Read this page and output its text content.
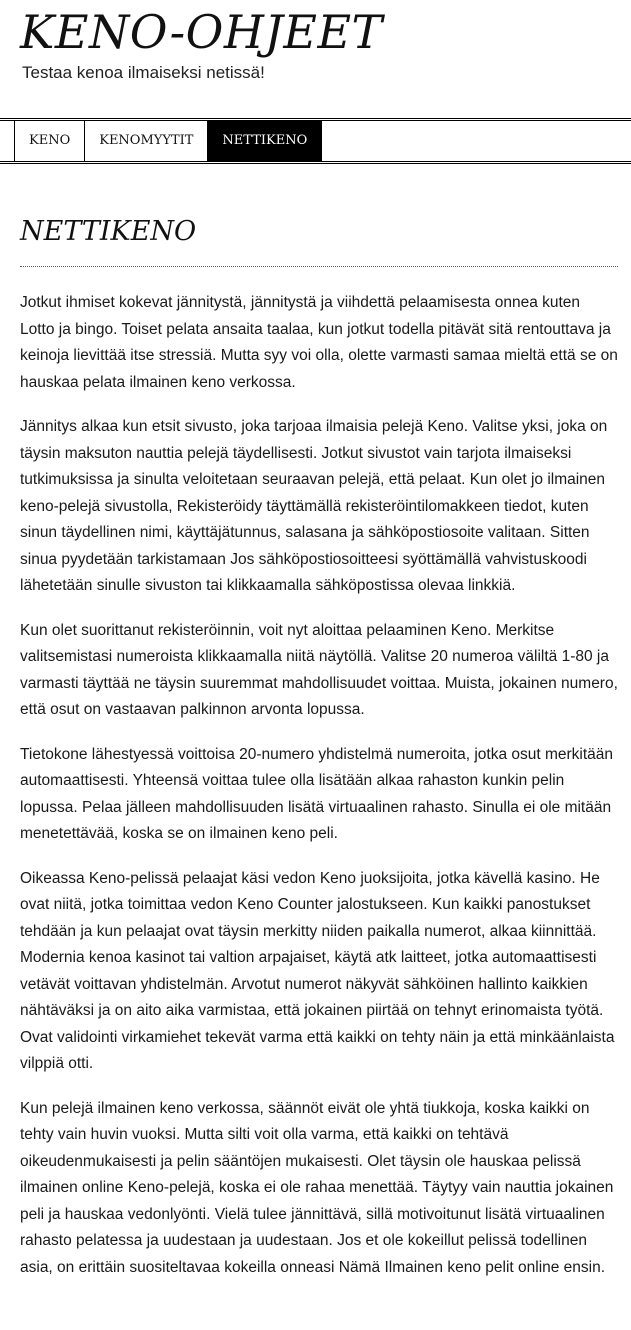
KENO-OHJEET

Testaa kenoa ilmaiseksi netissä!

KENO	KENOMYYTIT	NETTIKENO
NETTIKENO

Jotkut ihmiset kokevat jännitystä, jännitystä ja viihdettä pelaamisesta onnea kuten Lotto ja bingo. Toiset pelata ansaita taalaa, kun jotkut todella pitävät sitä rentouttava ja keinoja lievittää itse stressiä. Mutta syy voi olla, olette varmasti samaa mieltä että se on hauskaa pelata ilmainen keno verkossa.

Jännitys alkaa kun etsit sivusto, joka tarjoaa ilmaisia pelejä Keno. Valitse yksi, joka on täysin maksuton nauttia pelejä täydellisesti. Jotkut sivustot vain tarjota ilmaiseksi tutkimuksissa ja sinulta veloitetaan seuraavan pelejä, että pelaat. Kun olet jo ilmainen keno-pelejä sivustolla, Rekisteröidy täyttämällä rekisteröintilomakkeen tiedot, kuten sinun täydellinen nimi, käyttäjätunnus, salasana ja sähköpostiosoite valitaan. Sitten sinua pyydetään tarkistamaan Jos sähköpostiosoitteesi syöttämällä vahvistuskoodi lähetetään sinulle sivuston tai klikkaamalla sähköpostissa olevaa linkkiä.

Kun olet suorittanut rekisteröinnin, voit nyt aloittaa pelaaminen Keno. Merkitse valitsemistasi numeroista klikkaamalla niitä näytöllä. Valitse 20 numeroa väliltä 1-80 ja varmasti täyttää ne täysin suuremmat mahdollisuudet voittaa. Muista, jokainen numero, että osut on vastaavan palkinnon arvonta lopussa.

Tietokone lähestyessä voittoisa 20-numero yhdistelmä numeroita, jotka osut merkitään automaattisesti. Yhteensä voittaa tulee olla lisätään alkaa rahaston kunkin pelin lopussa. Pelaa jälleen mahdollisuuden lisätä virtuaalinen rahasto. Sinulla ei ole mitään menetettävää, koska se on ilmainen keno peli.

Oikeassa Keno-pelissä pelaajat käsi vedon Keno juoksijoita, jotka kävellä kasino. He ovat niitä, jotka toimittaa vedon Keno Counter jalostukseen. Kun kaikki panostukset tehdään ja kun pelaajat ovat täysin merkitty niiden paikalla numerot, alkaa kiinnittää. Modernia kenoa kasinot tai valtion arpajaiset, käytä atk laitteet, jotka automaattisesti vetävät voittavan yhdistelmän. Arvotut numerot näkyvät sähköinen hallinto kaikkien nähtäväksi ja on aito aika varmistaa, että jokainen piirtää on tehnyt erinomaista työtä. Ovat validointi virkamiehet tekevät varma että kaikki on tehty näin ja että minkäänlaista vilppiä otti.

Kun pelejä ilmainen keno verkossa, säännöt eivät ole yhtä tiukkoja, koska kaikki on tehty vain huvin vuoksi. Mutta silti voit olla varma, että kaikki on tehtävä oikeudenmukaisesti ja pelin sääntöjen mukaisesti. Olet täysin ole hauskaa pelissä ilmainen online Keno-pelejä, koska ei ole rahaa menettää. Täytyy vain nauttia jokainen peli ja hauskaa vedonlyönti. Vielä tulee jännittävä, sillä motivoitunut lisätä virtuaalinen rahasto pelatessa ja uudestaan ja uudestaan. Jos et ole kokeillut pelissä todellinen asia, on erittäin suositeltavaa kokeilla onneasi Nämä Ilmainen keno pelit online ensin.
